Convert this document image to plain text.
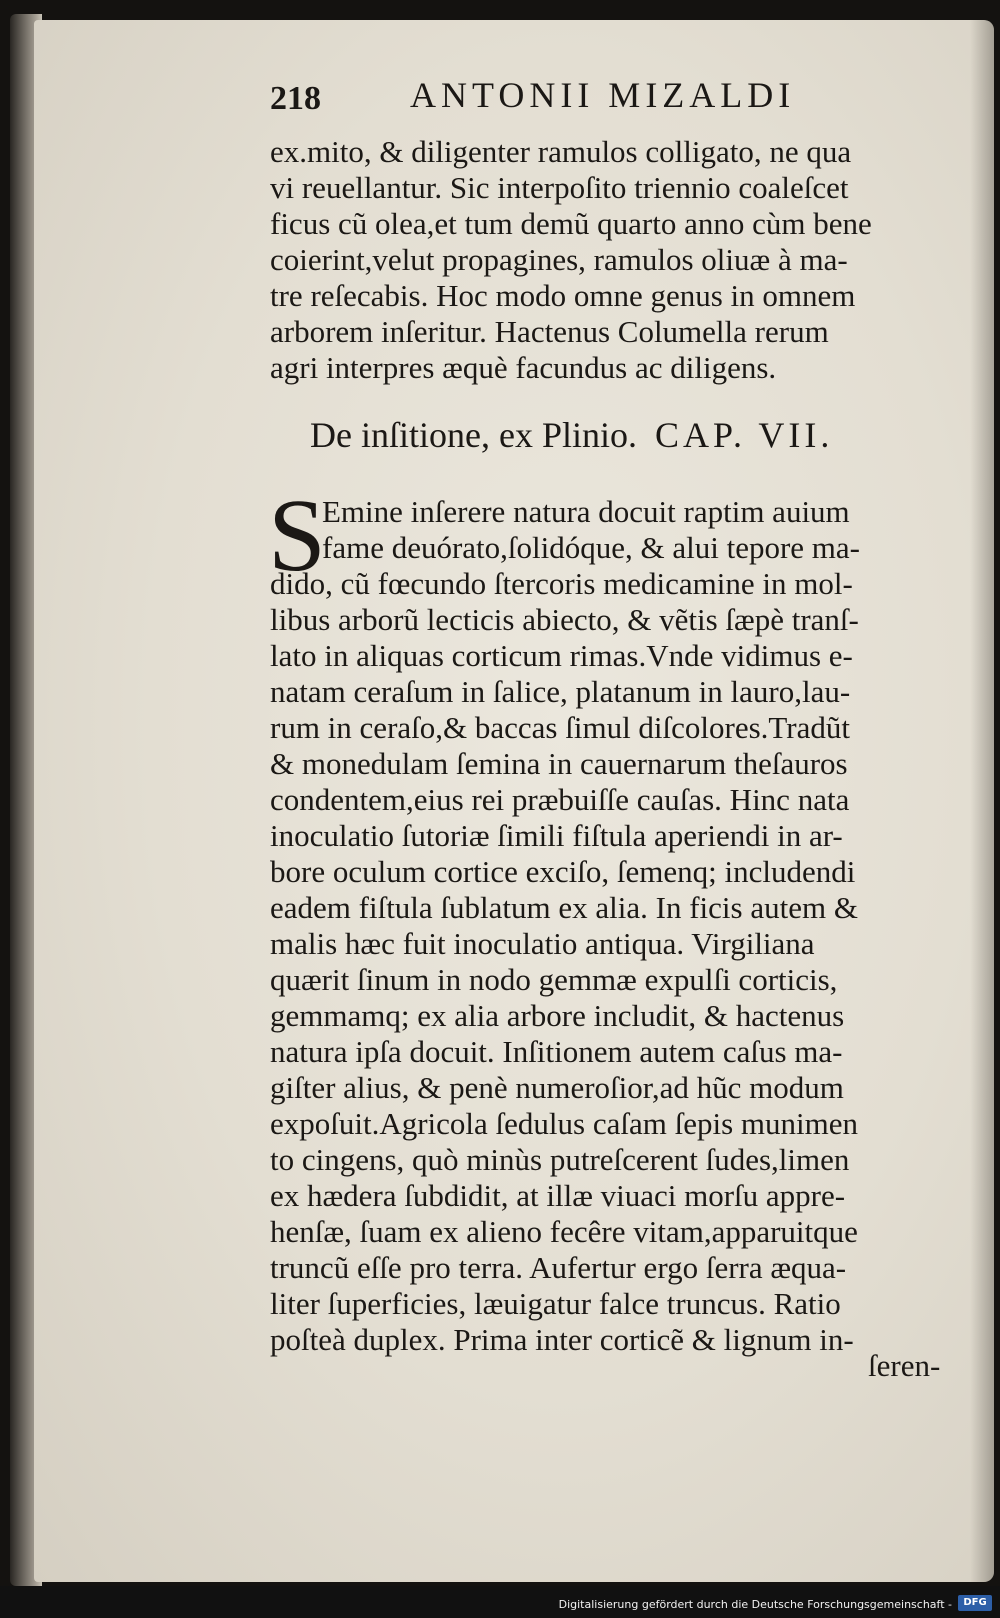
218 ANTONII MIZALDI
ex.mito, & diligenter ramulos colligato, ne qua
vi reuellantur. Sic interpoſito triennio coaleſcet
ficus cũ olea,et tum demũ quarto anno cùm bene
coierint,velut propagines, ramulos oliuæ à ma-
tre reſecabis. Hoc modo omne genus in omnem
arborem inſeritur. Hactenus Columella rerum
agri interpres æquè facundus ac diligens.
De inſitione, ex Plinio. CAP. VII.
S
Emine inſerere natura docuit raptim auium
fame deuórato,ſolidóque, & alui tepore ma-
dido, cũ fœcundo ſtercoris medicamine in mol-
libus arborũ lecticis abiecto, & vẽtis ſæpè tranſ-
lato in aliquas corticum rimas.Vnde vidimus e-
natam ceraſum in ſalice, platanum in lauro,lau-
rum in ceraſo,& baccas ſimul diſcolores.Tradũt
& monedulam ſemina in cauernarum theſauros
condentem,eius rei præbuiſſe cauſas. Hinc nata
inoculatio ſutoriæ ſimili fiſtula aperiendi in ar-
bore oculum cortice exciſo, ſemenq; includendi
eadem fiſtula ſublatum ex alia. In ficis autem &
malis hæc fuit inoculatio antiqua. Virgiliana
quærit ſinum in nodo gemmæ expulſi corticis,
gemmamq; ex alia arbore includit, & hactenus
natura ipſa docuit. Inſitionem autem caſus ma-
giſter alius, & penè numeroſior,ad hũc modum
expoſuit.Agricola ſedulus caſam ſepis munimen
to cingens, quò minùs putreſcerent ſudes,limen
ex hædera ſubdidit, at illæ viuaci morſu appre-
henſæ, ſuam ex alieno fecêre vitam,apparuitque
truncũ eſſe pro terra. Aufertur ergo ſerra æqua-
liter ſuperficies, læuigatur falce truncus. Ratio
poſteà duplex. Prima inter corticẽ & lignum in-
ſeren-
Digitalisierung gefördert durch die Deutsche Forschungsgemeinschaft -	DFG
